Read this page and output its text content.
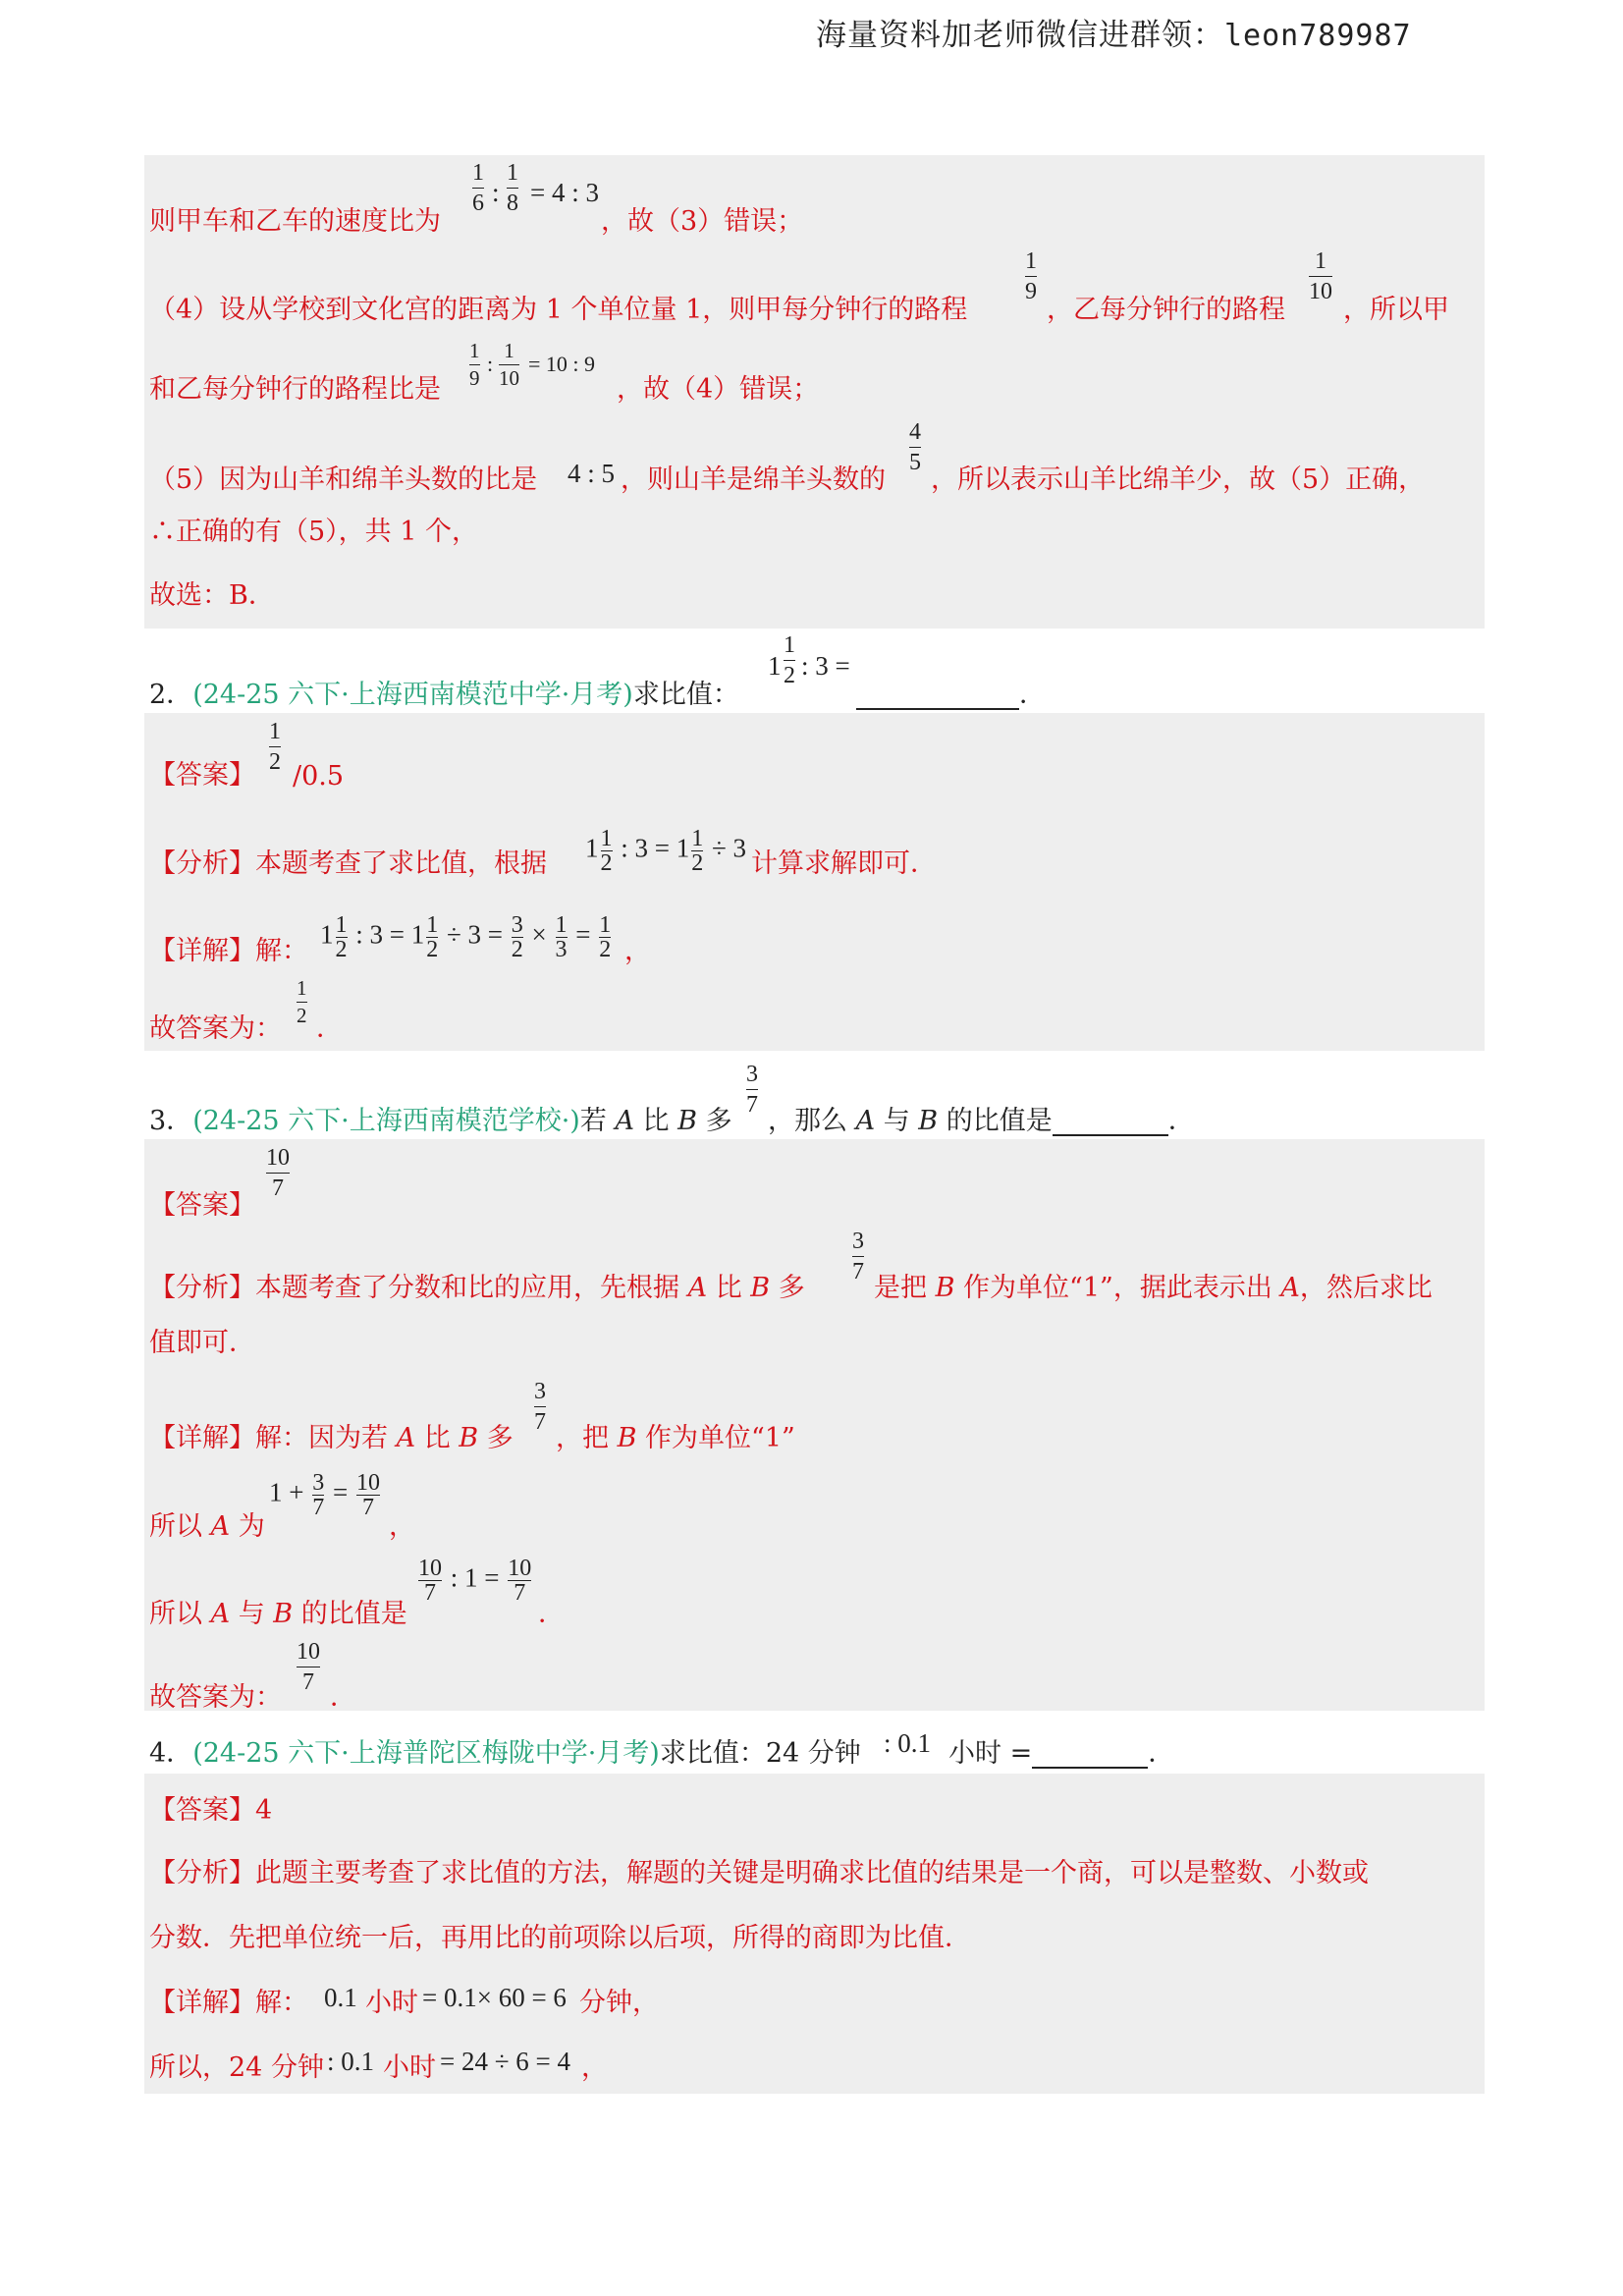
海量资料加老师微信进群领：leon789987
则甲车和乙车的速度比为
1
6 :
1
8 = 4 : 3
，故（3）错误；
（4）设从学校到文化宫的距离为 1 个单位量 1，则甲每分钟行的路程
1
9
，乙每分钟行的路程
1
10
，所以甲
和乙每分钟行的路程比是
1
9
:
1
10
= 10 : 9
，故（4）错误；
（5）因为山羊和绵羊头数的比是 4 : 5 ，则山羊是绵羊头数的
4
5
，所以表示山羊比绵羊少，故（5）正确，
∴正确的有（5），共 1 个，
故选：B．
2．(24-25 六下·上海西南模范中学·月考)求比值：
1
1
2 : 3 =
．
【答案】
1
2 /0.5
【分析】本题考查了求比值，根据
$1 \frac{1}{2}$ : $3 = 1 \frac{1}{2} \div 3$
计算求解即可．
【详解】解：
$1 \frac{1}{2}$ : $3 = 1 \frac{1}{2} \div 3 = \frac{3}{2} \times \frac{1}{3} = \frac{1}{2}$ ，
故答案为：
1
2 ．
3．(24-25 六下·上海西南模范学校·)若 A 比 B 多
3
7
，那么 A 与 B 的比值是	．
【答案】
10
7
【分析】本题考查了分数和比的应用，先根据 A 比 B 多
3
7
是把 B 作为单位“1”，据此表示出 A，然后求比
值即可．
【详解】解：因为若 A 比 B 多
3
7
，把 B 作为单位“1”
所以 A 为
$1 + \frac{3}{7} = \frac{10}{7}$
，
所以 A 与 B 的比值是
$\frac{10}{7}$ : $1 = \frac{10}{7}$
．
故答案为：
10
7 ．
4．(24-25 六下·上海普陀区梅陇中学·月考)求比值：24 分钟 : 0.1 小时 =	．
【答案】4
【分析】此题主要考查了求比值的方法，解题的关键是明确求比值的结果是一个商，可以是整数、小数或
分数．先把单位统一后，再用比的前项除以后项，所得的商即为比值．
【详解】解： 0.1 小时 = 0.1× 60 = 6 分钟，
所以，24 分钟 : 0.1 小时 = 24 ÷ 6 = 4 ，
